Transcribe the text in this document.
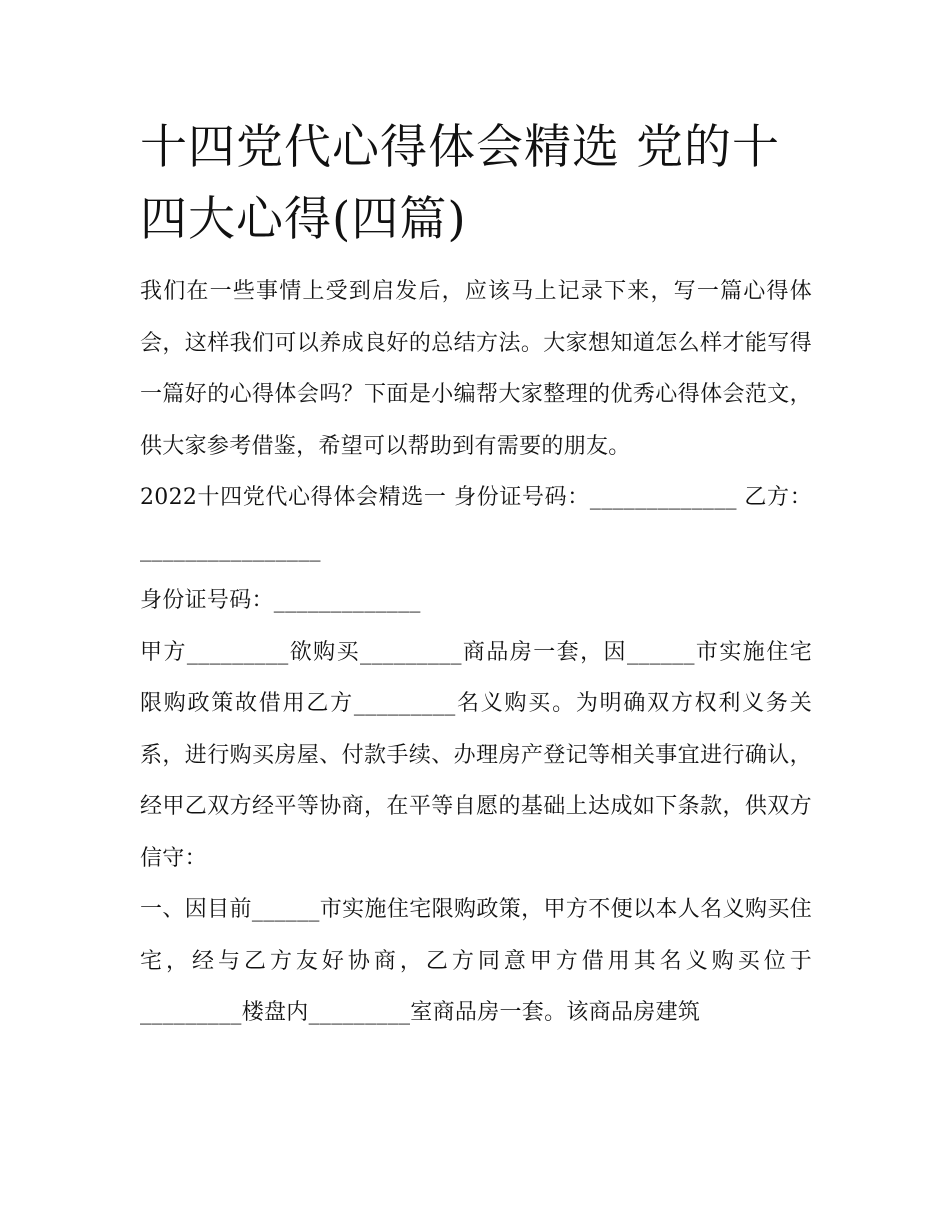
十四党代心得体会精选 党的十四大心得(四篇)

我们在一些事情上受到启发后，应该马上记录下来，写一篇心得体会，这样我们可以养成良好的总结方法。大家想知道怎么样才能写得一篇好的心得体会吗？下面是小编帮大家整理的优秀心得体会范文，供大家参考借鉴，希望可以帮助到有需要的朋友。

2022十四党代心得体会精选一 身份证号码：_____________ 乙方：________________

身份证号码：_____________

甲方_________欲购买_________商品房一套，因______市实施住宅限购政策故借用乙方_________名义购买。为明确双方权利义务关系，进行购买房屋、付款手续、办理房产登记等相关事宜进行确认，经甲乙双方经平等协商，在平等自愿的基础上达成如下条款，供双方信守：

一、因目前______市实施住宅限购政策，甲方不便以本人名义购买住宅，经与乙方友好协商，乙方同意甲方借用其名义购买位于_________楼盘内_________室商品房一套。该商品房建筑
